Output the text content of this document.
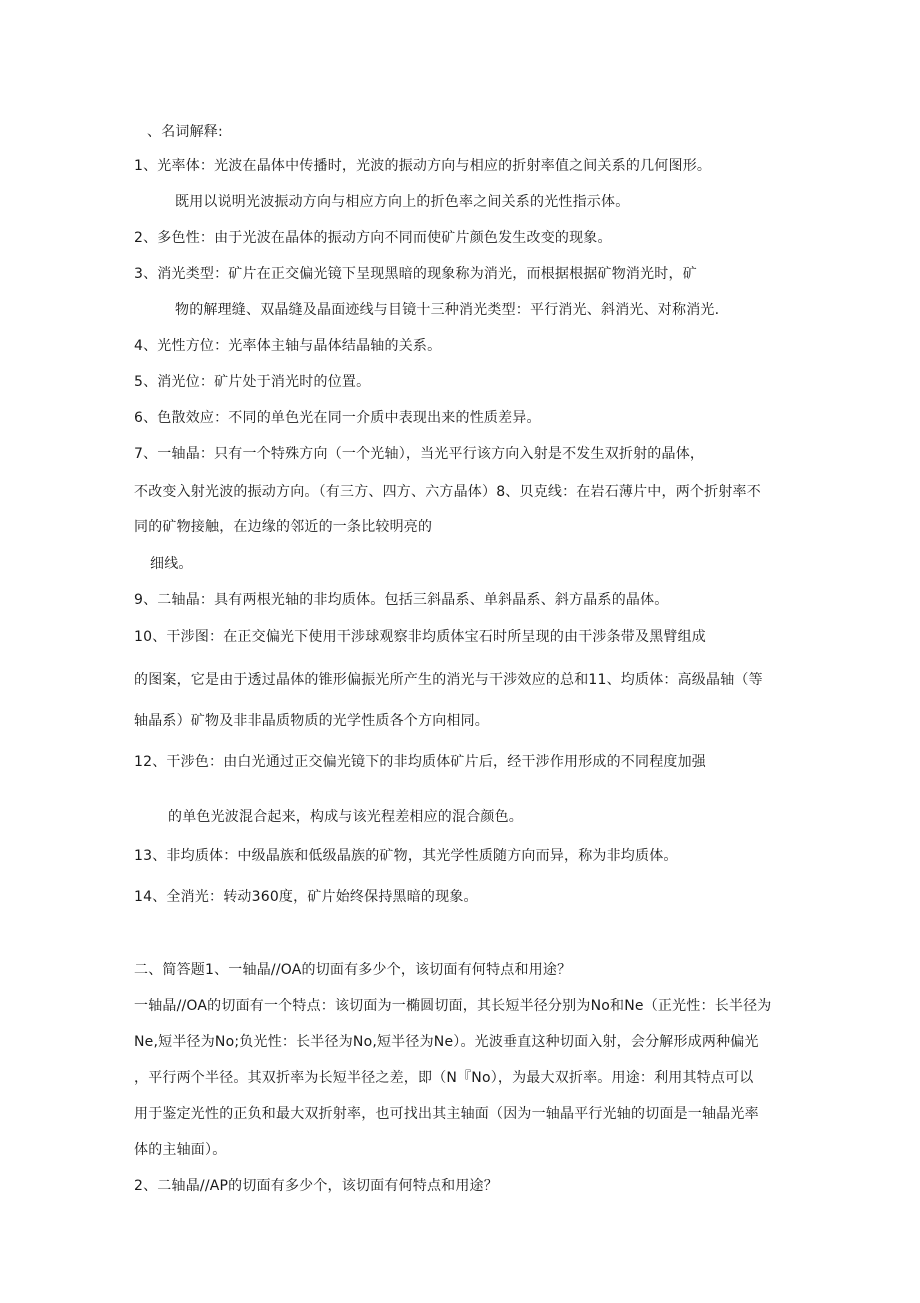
、名词解释:
1、光率体：光波在晶体中传播时，光波的振动方向与相应的折射率值之间关系的几何图形。
既用以说明光波振动方向与相应方向上的折色率之间关系的光性指示体。
2、多色性：由于光波在晶体的振动方向不同而使矿片颜色发生改变的现象。
3、消光类型：矿片在正交偏光镜下呈现黑暗的现象称为消光，而根据根据矿物消光时，矿
物的解理缝、双晶缝及晶面迹线与目镜十三种消光类型：平行消光、斜消光、对称消光.
4、光性方位：光率体主轴与晶体结晶轴的关系。
5、消光位：矿片处于消光时的位置。
6、色散效应：不同的单色光在同一介质中表现出来的性质差异。
7、一轴晶：只有一个特殊方向（一个光轴），当光平行该方向入射是不发生双折射的晶体，
不改变入射光波的振动方向。（有三方、四方、六方晶体）8、贝克线：在岩石薄片中，两个折射率不
同的矿物接触，在边缘的邻近的一条比较明亮的
细线。
9、二轴晶：具有两根光轴的非均质体。包括三斜晶系、单斜晶系、斜方晶系的晶体。
10、干涉图：在正交偏光下使用干涉球观察非均质体宝石时所呈现的由干涉条带及黑臂组成
的图案，它是由于透过晶体的锥形偏振光所产生的消光与干涉效应的总和11、均质体：高级晶轴（等
轴晶系）矿物及非非晶质物质的光学性质各个方向相同。
12、干涉色：由白光通过正交偏光镜下的非均质体矿片后，经干涉作用形成的不同程度加强
的单色光波混合起来，构成与该光程差相应的混合颜色。
13、非均质体：中级晶族和低级晶族的矿物，其光学性质随方向而异，称为非均质体。
14、全消光：转动360度，矿片始终保持黑暗的现象。
二、简答题1、一轴晶//OA的切面有多少个，该切面有何特点和用途？
一轴晶//OA的切面有一个特点：该切面为一椭圆切面，其长短半径分别为No和Ne（正光性：长半径为
Ne,短半径为No;负光性：长半径为No,短半径为Ne）。光波垂直这种切面入射，会分解形成两种偏光
，平行两个半径。其双折率为长短半径之差，即（N『No），为最大双折率。用途：利用其特点可以
用于鉴定光性的正负和最大双折射率，也可找出其主轴面（因为一轴晶平行光轴的切面是一轴晶光率
体的主轴面）。
2、二轴晶//AP的切面有多少个，该切面有何特点和用途？
